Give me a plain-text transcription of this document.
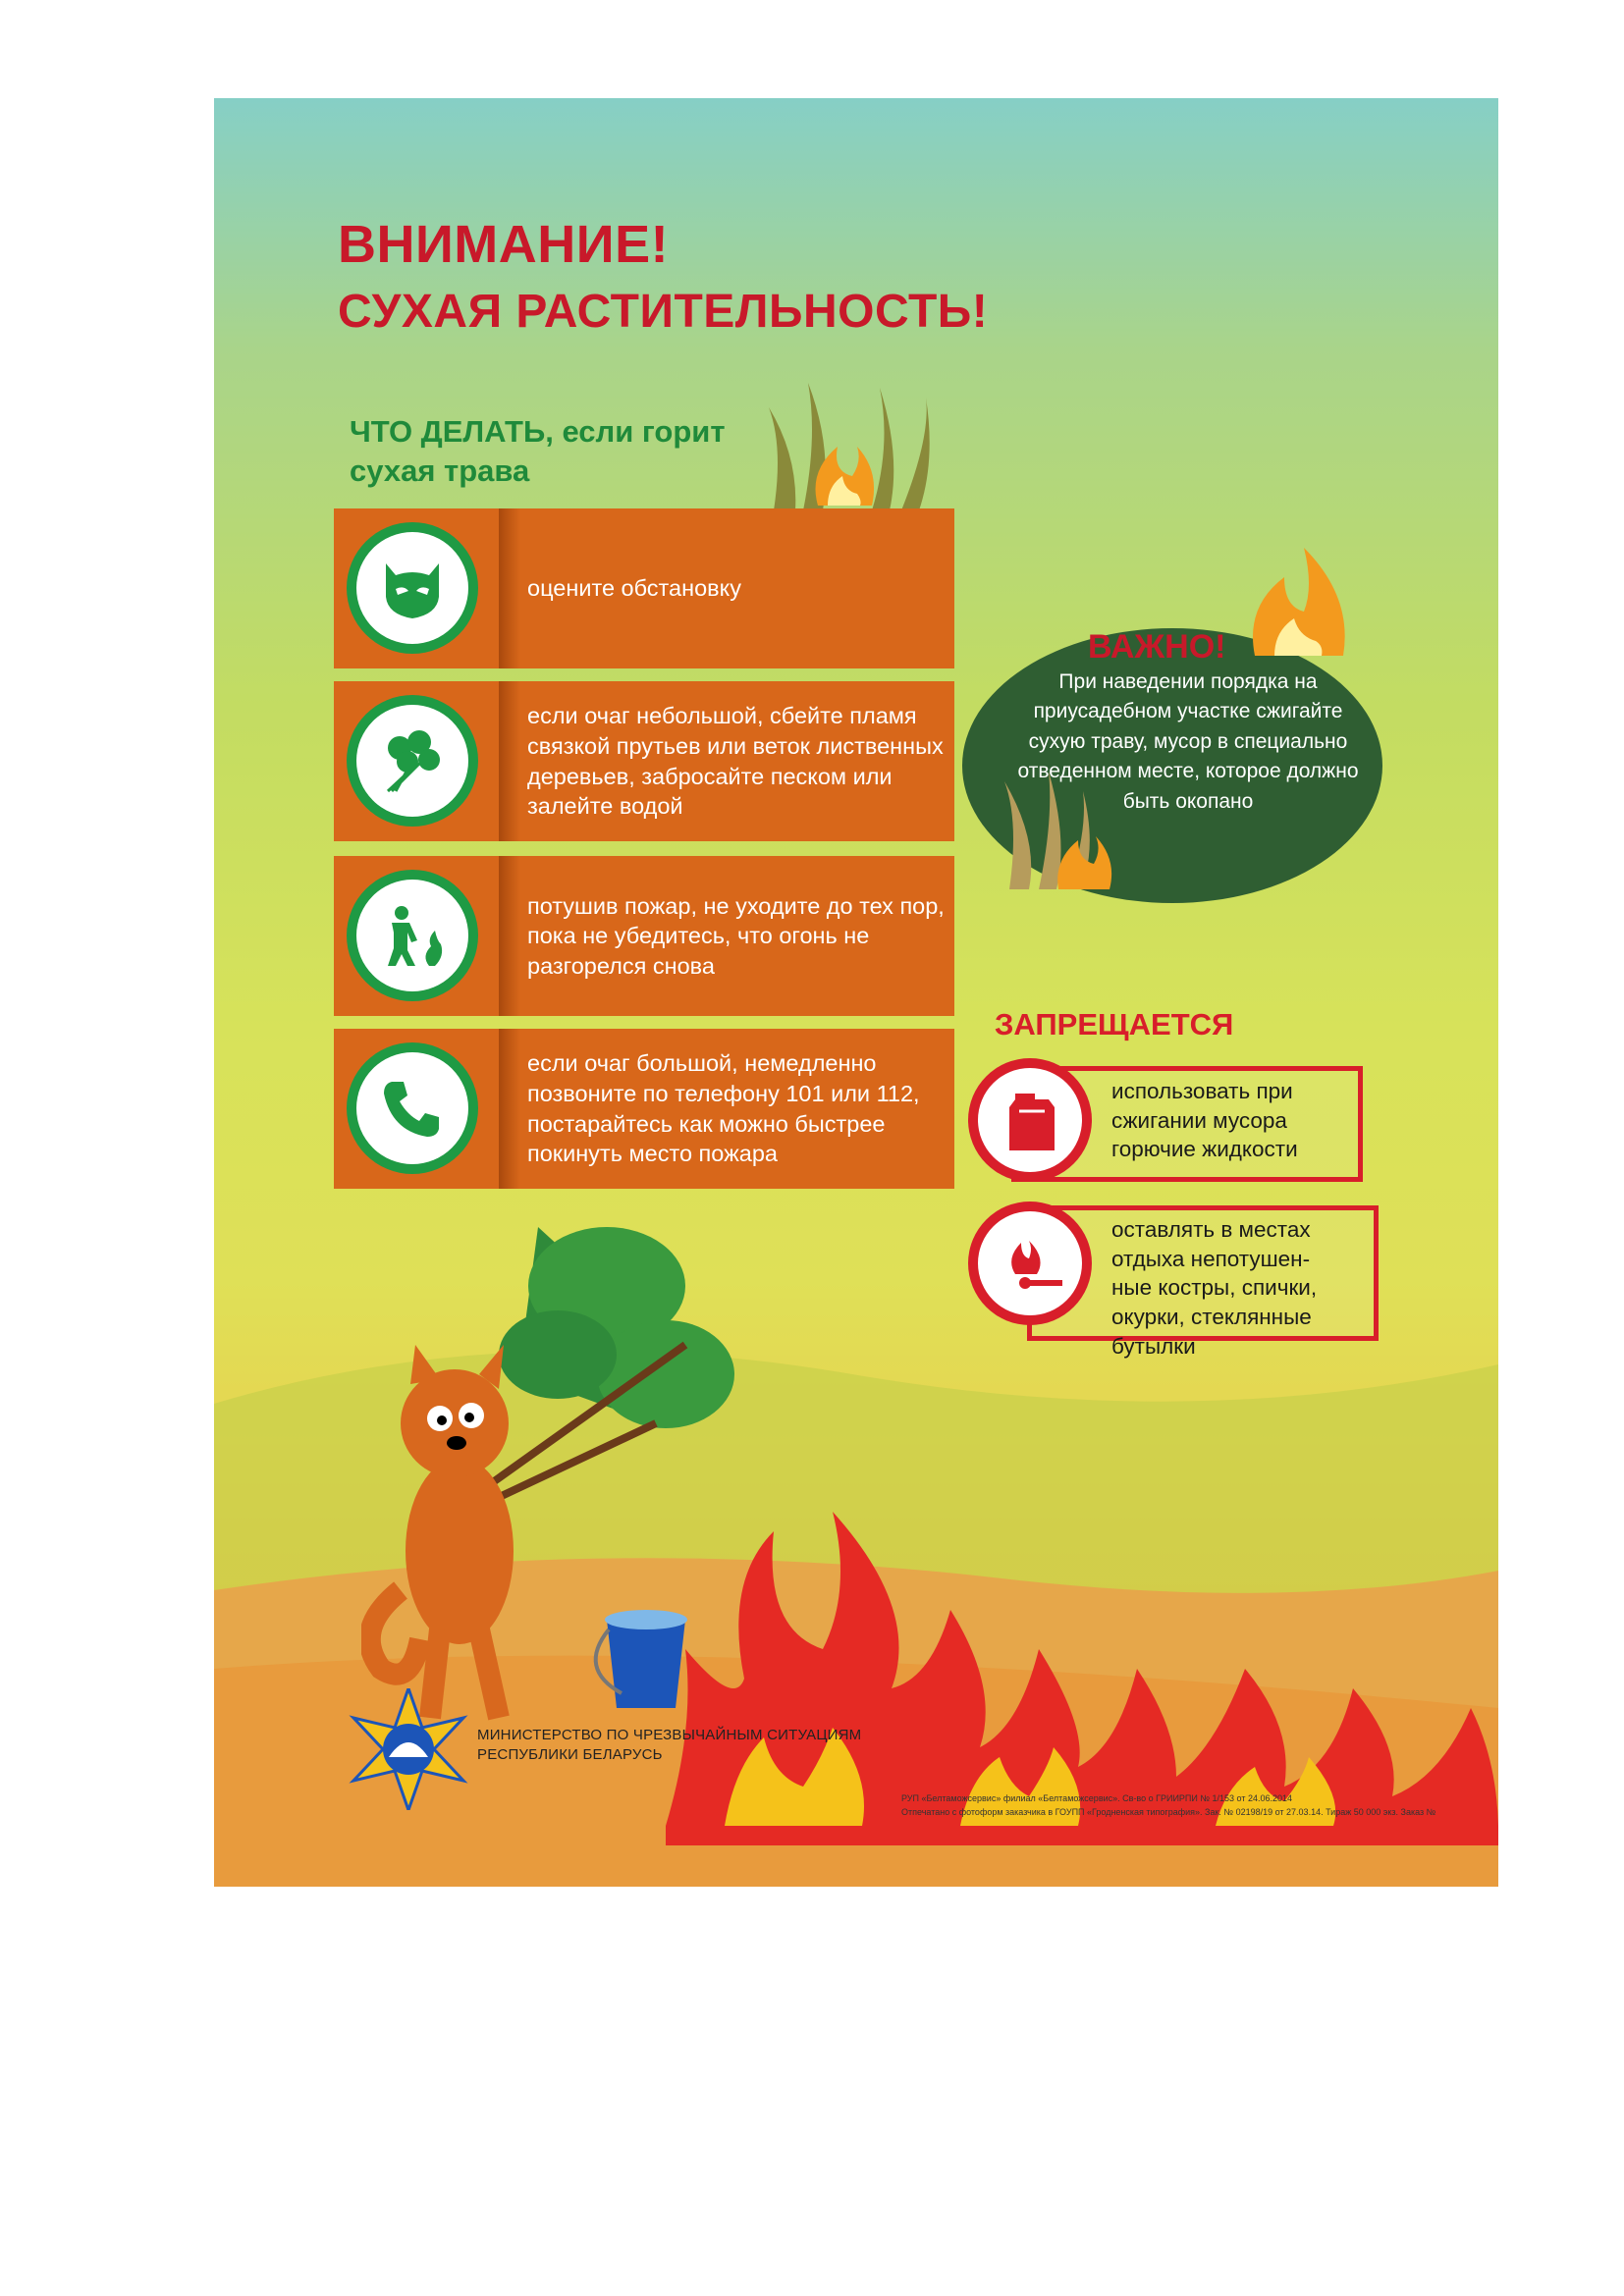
ВНИМАНИЕ!
СУХАЯ РАСТИТЕЛЬНОСТЬ!
ЧТО ДЕЛАТЬ, если горит сухая трава
оцените обстановку
если очаг небольшой, сбейте пламя связкой прутьев или веток лиственных деревьев, забросайте песком или залейте водой
потушив пожар, не уходите до тех пор, пока не убедитесь, что огонь не разгорелся снова
если очаг большой, немедленно позвоните по телефону 101 или 112, постарайтесь как можно быстрее покинуть место пожара
ВАЖНО!
При наведении порядка на приусадебном участке сжигайте сухую траву, мусор в специально отведенном месте, которое должно быть окопано
ЗАПРЕЩАЕТСЯ
использовать при сжигании мусора горючие жидкости
оставлять в местах отдыха непотушен-ные костры, спички, окурки, стеклянные бутылки
МИНИСТЕРСТВО ПО ЧРЕЗВЫЧАЙНЫМ СИТУАЦИЯМ
РЕСПУБЛИКИ БЕЛАРУСЬ
РУП «Белтаможсервис» филиал «Белтаможсервис». Св-во о ГРИИРПИ № 1/153 от 24.06.2014
Отпечатано с фотоформ заказчика в ГОУПП «Гродненская типография». Зак. № 02198/19 от 27.03.14. Тираж 50 000 экз. Заказ №
